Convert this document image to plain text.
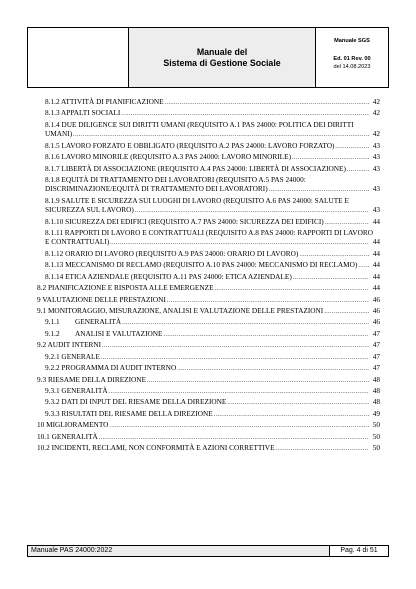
Manuale del
Sistema di Gestione Sociale
Manuale SGS
Ed. 01 Rev. 00
del 14.08.2023
8.1.2 ATTIVITÀ DI PIANIFICAZIONE .....	42
8.1.3 APPALTI SOCIALI .....	42
8.1.4 DUE DILIGENCE SUI DIRITTI UMANI (REQUISITO A.1 PAS 24000: POLITICA DEI DIRITTI
UMANI) .....	42
8.1.5 LAVORO FORZATO E OBBLIGATO (REQUISITO A.2 PAS 24000: LAVORO FORZATO) .....	43
8.1.6 LAVORO MINORILE (REQUISITO A.3 PAS 24000: LAVORO MINORILE) .....	43
8.1.7 LIBERTÀ DI ASSOCIAZIONE (REQUISITO A.4 PAS 24000: LIBERTÀ DI ASSOCIAZIONE) .....	43
8.1.8 EQUITÀ DI TRATTAMENTO DEI LAVORATORI (REQUISITO A.5 PAS 24000:
DISCRIMINAZIONE/EQUITÀ DI TRATTAMENTO DEI LAVORATORI) .....	43
8.1.9 SALUTE E SICUREZZA SUI LUOGHI DI LAVORO (REQUISITO A.6 PAS 24000: SALUTE E
SICUREZZA SUL LAVORO) .....	43
8.1.10 SICUREZZA DEI EDIFICI (REQUISITO A.7 PAS 24000: SICUREZZA DEI EDIFICI) .....	44
8.1.11 RAPPORTI DI LAVORO E CONTRATTUALI (REQUISITO A.8 PAS 24000: RAPPORTI DI LAVORO
E CONTRATTUALI) .....	44
8.1.12 ORARIO DI LAVORO (REQUISITO A.9 PAS 24000: ORARIO DI LAVORO) .....	44
8.1.13 MECCANISMO DI RECLAMO (REQUISITO A.10 PAS 24000: MECCANISMO DI RECLAMO) .....	44
8.1.14 ETICA AZIENDALE (REQUISITO A.11 PAS 24000: ETICA AZIENDALE) .....	44
8.2 PIANIFICAZIONE E RISPOSTA ALLE EMERGENZE .....	44
9 VALUTAZIONE DELLE PRESTAZIONI .....	46
9.1 MONITORAGGIO, MISURAZIONE, ANALISI E VALUTAZIONE DELLE PRESTAZIONI .....	46
9.1.1 GENERALITÀ .....	46
9.1.2 ANALISI E VALUTAZIONE .....	47
9.2 AUDIT INTERNI .....	47
9.2.1 GENERALE .....	47
9.2.2 PROGRAMMA DI AUDIT INTERNO .....	47
9.3 RIESAME DELLA DIREZIONE .....	48
9.3.1 GENERALITÀ .....	48
9.3.2 DATI DI INPUT DEL RIESAME DELLA DIREZIONE .....	48
9.3.3 RISULTATI DEL RIESAME DELLA DIREZIONE .....	49
10 MIGLIORAMENTO .....	50
10.1 GENERALITÀ .....	50
10.2 INCIDENTI, RECLAMI, NON CONFORMITÀ E AZIONI CORRETTIVE .....	50
Manuale PAS 24000:2022	Pag. 4 di 51
